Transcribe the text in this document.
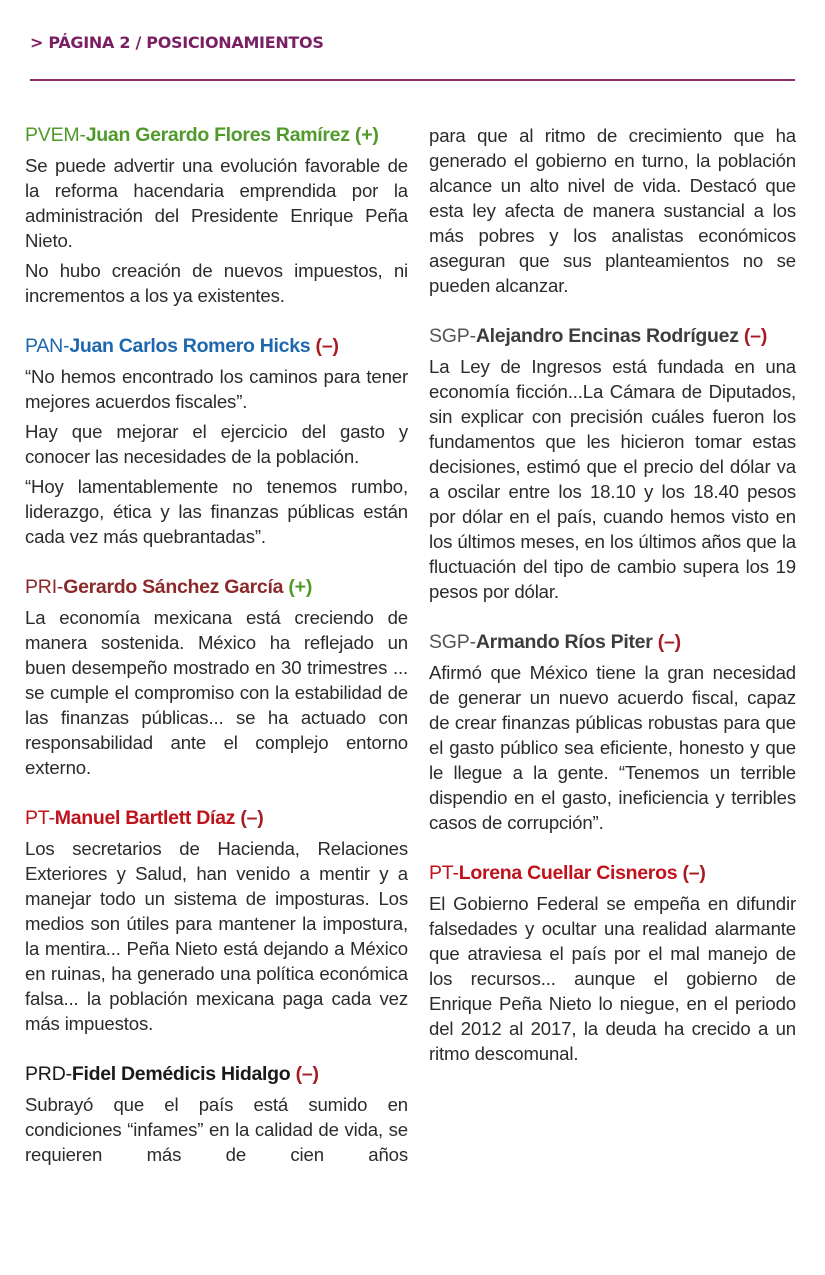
> PÁGINA 2 / POSICIONAMIENTOS
PVEM-Juan Gerardo Flores Ramírez (+)

Se puede advertir una evolución favorable de la reforma hacendaria emprendida por la administración del Presidente Enrique Peña Nieto.

No hubo creación de nuevos impuestos, ni incrementos a los ya existentes.

PAN-Juan Carlos Romero Hicks (–)

“No hemos encontrado los caminos para tener mejores acuerdos fiscales”.

Hay que mejorar el ejercicio del gasto y conocer las necesidades de la población.

“Hoy lamentablemente no tenemos rumbo, liderazgo, ética y las finanzas públicas están cada vez más quebrantadas”.

PRI-Gerardo Sánchez García (+)

La economía mexicana está creciendo de manera sostenida. México ha reflejado un buen desempeño mostrado en 30 trimestres ... se cumple el compromiso con la estabilidad de las finanzas públicas... se ha actuado con responsabilidad ante el complejo entorno externo.

PT-Manuel Bartlett Díaz (–)

Los secretarios de Hacienda, Relaciones Exteriores y Salud, han venido a mentir y a manejar todo un sistema de imposturas. Los medios son útiles para mantener la impostura, la mentira... Peña Nieto está dejando a México en ruinas, ha generado una política económica falsa... la población mexicana paga cada vez más impuestos.

PRD-Fidel Demédicis Hidalgo (–)

Subrayó que el país está sumido en condiciones “infames” en la calidad de vida, se requieren más de cien años

para que al ritmo de crecimiento que ha generado el gobierno en turno, la población alcance un alto nivel de vida. Destacó que esta ley afecta de manera sustancial a los más pobres y los analistas económicos aseguran que sus planteamientos no se pueden alcanzar.

SGP-Alejandro Encinas Rodríguez (–)

La Ley de Ingresos está fundada en una economía ficción...La Cámara de Diputados, sin explicar con precisión cuáles fueron los fundamentos que les hicieron tomar estas decisiones, estimó que el precio del dólar va a oscilar entre los 18.10 y los 18.40 pesos por dólar en el país, cuando hemos visto en los últimos meses, en los últimos años que la fluctuación del tipo de cambio supera los 19 pesos por dólar.

SGP-Armando Ríos Piter (–)

Afirmó que México tiene la gran necesidad de generar un nuevo acuerdo fiscal, capaz de crear finanzas públicas robustas para que el gasto público sea eficiente, honesto y que le llegue a la gente. “Tenemos un terrible dispendio en el gasto, ineficiencia y terribles casos de corrupción”.

PT-Lorena Cuellar Cisneros (–)

El Gobierno Federal se empeña en difundir falsedades y ocultar una realidad alarmante que atraviesa el país por el mal manejo de los recursos... aunque el gobierno de Enrique Peña Nieto lo niegue, en el periodo del 2012 al 2017, la deuda ha crecido a un ritmo descomunal.
